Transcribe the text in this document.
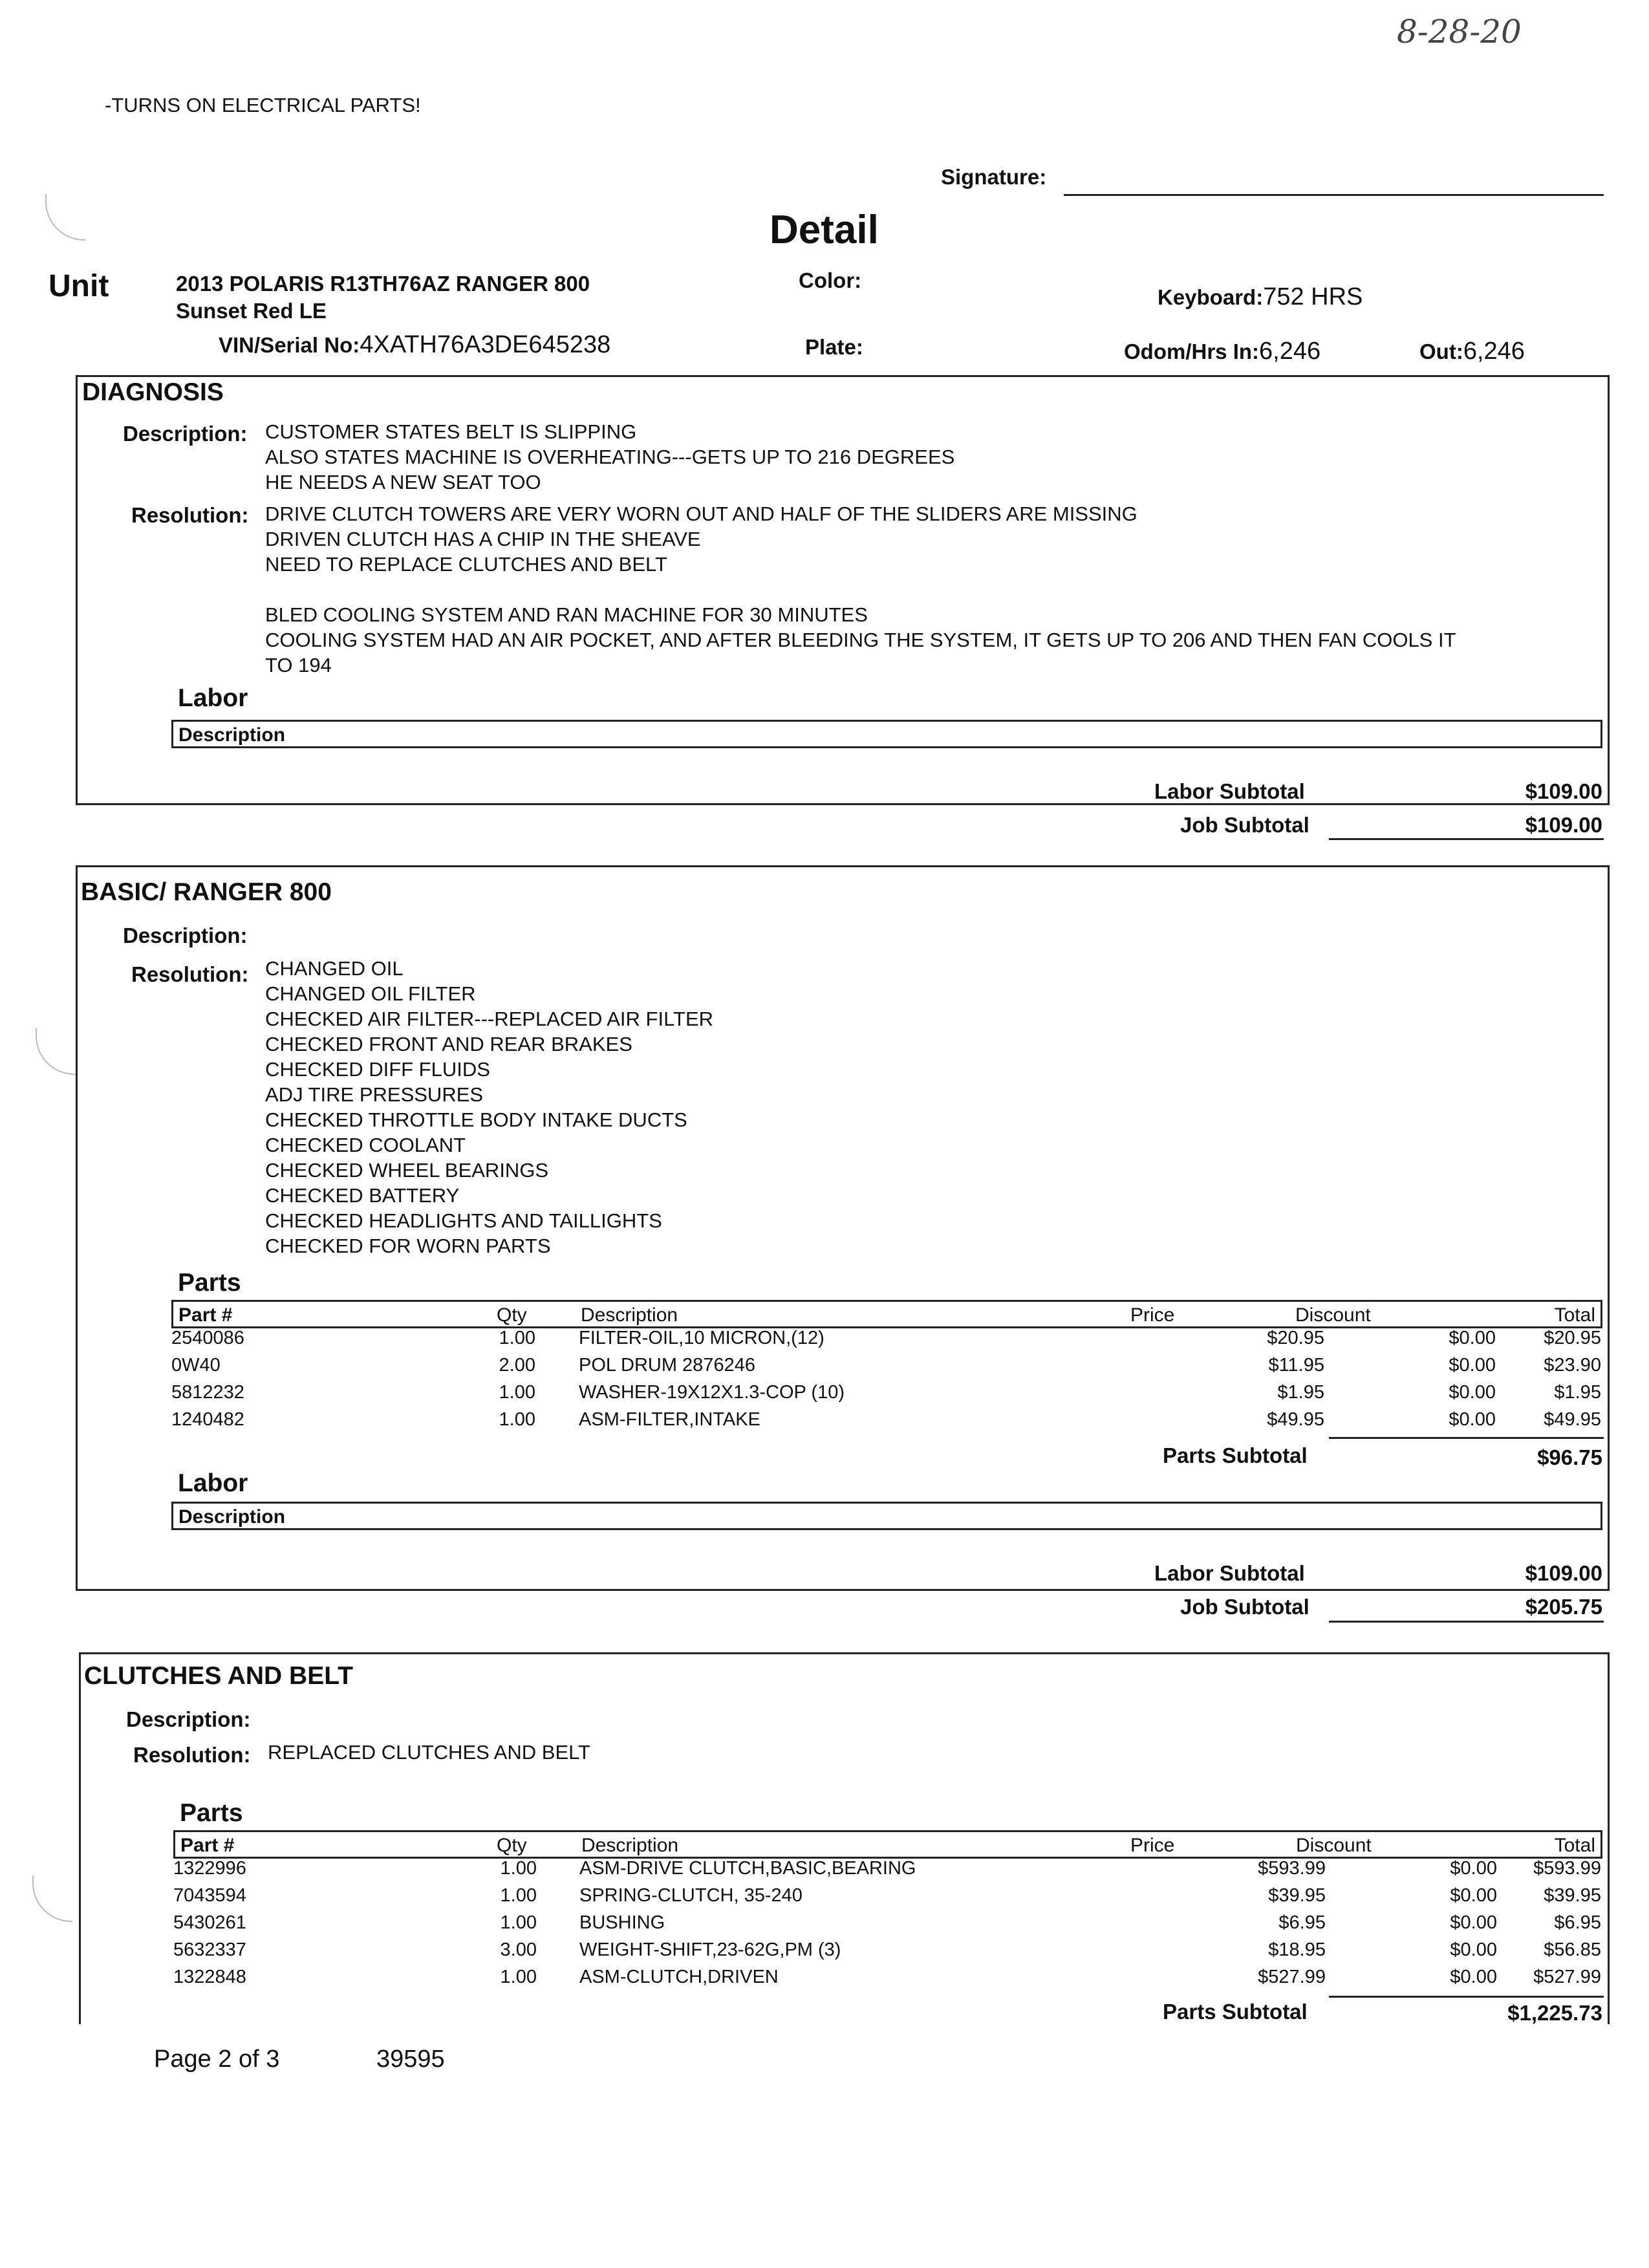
8-28-20
-TURNS ON ELECTRICAL PARTS!
Signature:
Detail
Unit	2013 POLARIS R13TH76AZ RANGER 800
Sunset Red LE
VIN/Serial No:4XATH76A3DE645238
Color:
Plate:
Keyboard:752 HRS
Odom/Hrs In:6,246	Out:6,246
DIAGNOSIS
Description: CUSTOMER STATES BELT IS SLIPPING
ALSO STATES MACHINE IS OVERHEATING---GETS UP TO 216 DEGREES
HE NEEDS A NEW SEAT TOO
Resolution: DRIVE CLUTCH TOWERS ARE VERY WORN OUT AND HALF OF THE SLIDERS ARE MISSING
DRIVEN CLUTCH HAS A CHIP IN THE SHEAVE
NEED TO REPLACE CLUTCHES AND BELT
BLED COOLING SYSTEM AND RAN MACHINE FOR 30 MINUTES
COOLING SYSTEM HAD AN AIR POCKET, AND AFTER BLEEDING THE SYSTEM, IT GETS UP TO 206 AND THEN FAN COOLS IT
TO 194
Labor
Description
Labor Subtotal	$109.00
Job Subtotal	$109.00
BASIC/ RANGER 800
Description:
Resolution: CHANGED OIL
CHANGED OIL FILTER
CHECKED AIR FILTER---REPLACED AIR FILTER
CHECKED FRONT AND REAR BRAKES
CHECKED DIFF FLUIDS
ADJ TIRE PRESSURES
CHECKED THROTTLE BODY INTAKE DUCTS
CHECKED COOLANT
CHECKED WHEEL BEARINGS
CHECKED BATTERY
CHECKED HEADLIGHTS AND TAILLIGHTS
CHECKED FOR WORN PARTS
Parts
Part #	Qty	Description	Price	Discount	Total
2540086	1.00 FILTER-OIL,10 MICRON,(12)	$20.95	$0.00	$20.95
0W40	2.00 POL DRUM 2876246	$11.95	$0.00	$23.90
5812232	1.00 WASHER-19X12X1.3-COP (10)	$1.95	$0.00	$1.95
1240482	1.00 ASM-FILTER,INTAKE	$49.95	$0.00	$49.95
Parts Subtotal	$96.75
Labor
Description
Labor Subtotal	$109.00
Job Subtotal	$205.75
CLUTCHES AND BELT
Description:
Resolution: REPLACED CLUTCHES AND BELT
Parts
Part #	Qty	Description	Price	Discount	Total
1322996	1.00 ASM-DRIVE CLUTCH,BASIC,BEARING	$593.99	$0.00 $593.99
7043594	1.00 SPRING-CLUTCH, 35-240	$39.95	$0.00 $39.95
5430261	1.00 BUSHING	$6.95	$0.00	$6.95
5632337	3.00 WEIGHT-SHIFT,23-62G,PM (3)	$18.95	$0.00 $56.85
1322848	1.00 ASM-CLUTCH,DRIVEN	$527.99	$0.00 $527.99
Parts Subtotal	$1,225.73
Page 2 of 3	39595
